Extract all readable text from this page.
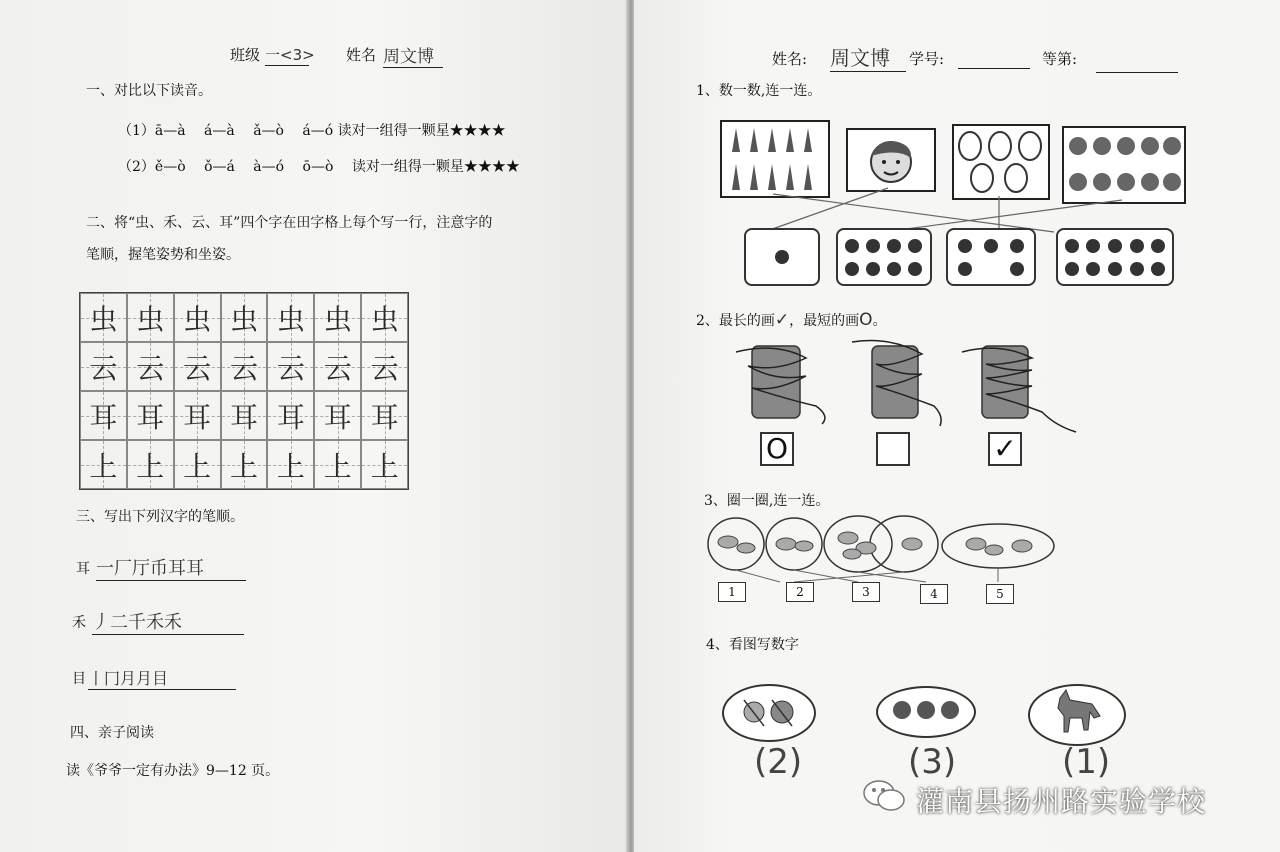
班级 一<3> 姓名 周文博
一、对比以下读音。
（1）ā—à　 á—à　 ǎ—ò　 á—ó 读对一组得一颗星★★★★
（2）ě—ò　 ǒ—á　 à—ó　 ō—ò　 读对一组得一颗星★★★★
二、将“虫、禾、云、耳”四个字在田字格上每个写一行，注意字的
笔顺，握笔姿势和坐姿。
虫 虫 虫 虫 虫 虫 虫
云 云 云 云 云 云 云
耳 耳 耳 耳 耳 耳 耳
上 上 上 上 上 上 上
三、写出下列汉字的笔顺。
耳 一厂厅币耳耳
禾 丿二千禾禾
目 丨冂月月目
四、亲子阅读
读《爷爷一定有办法》9—12 页。
姓名: 周文博	学号:	等第:
1、数一数,连一连。
2、最长的画✓，最短的画O。
O	✓
3、圈一圈,连一连。
1	2	3	4	5
4、看图写数字
(2)	(3)	(1)
灌南县扬州路实验学校
